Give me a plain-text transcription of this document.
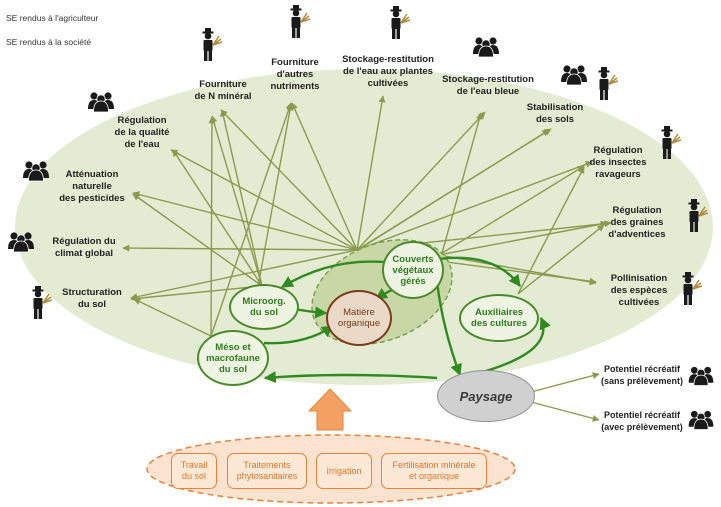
SE rendus à l'agriculteur
SE rendus à la société
Fourniture
de N minéral
Fourniture
d'autres
nutriments
Stockage-restitution
de l'eau aux plantes
cultivées	Stockage-restitution
de l'eau bleue
Stabilisation
des sols
Régulation
des insectes
ravageurs
Régulation
des graines
d'adventices
Pollinisation
des espèces
cultivées
Régulation
de la qualité
de l'eau
Atténuation
naturelle
des pesticides
Régulation du
climat global
Structuration
du sol	Microorg.
du sol	Matière
organique
Couverts
végétaux
gérés
Auxiliaires
des cultures
Méso et
macrofaune
du sol
Paysage
Potentiel récréatif
(sans prélèvement)
Potentiel récréatif
(avec prélèvement)
Travail
du sol
Traitements
phytosanitaires
Irrigation
Fertilisation minérale
et organique
